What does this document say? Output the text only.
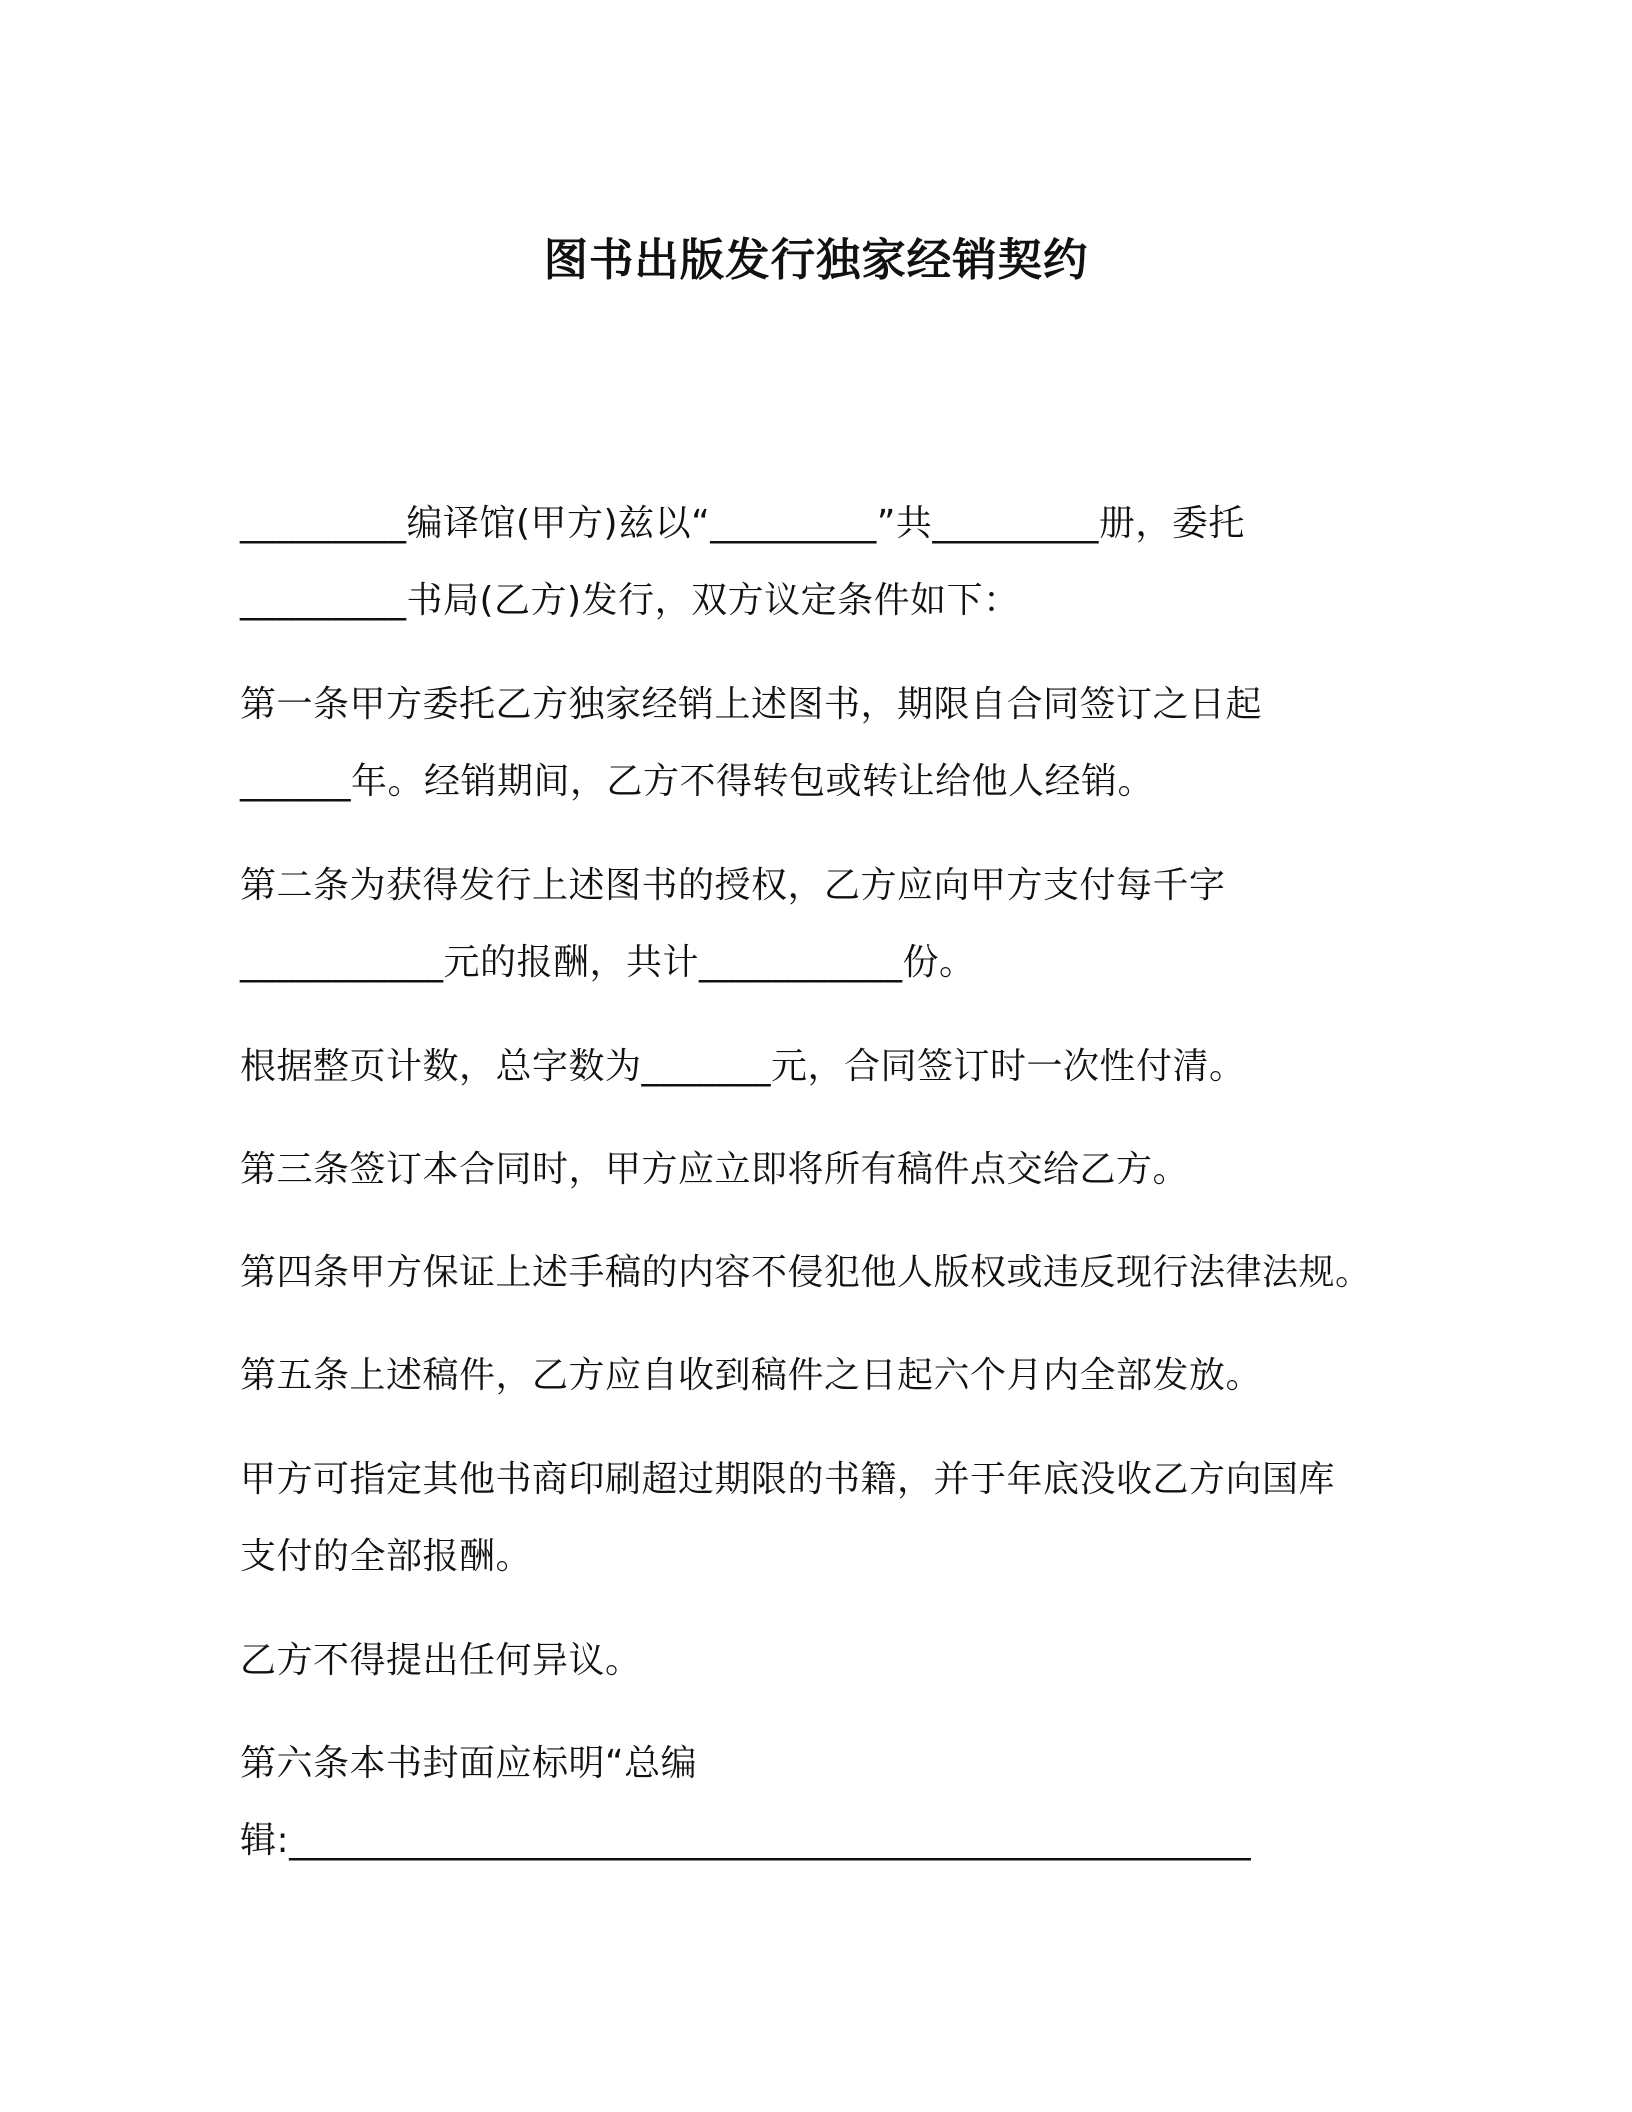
图书出版发行独家经销契约
_________编译馆(甲方)兹以“_________”共_________册，委托
_________书局(乙方)发行，双方议定条件如下：
第一条甲方委托乙方独家经销上述图书，期限自合同签订之日起
______年。经销期间，乙方不得转包或转让给他人经销。
第二条为获得发行上述图书的授权，乙方应向甲方支付每千字
___________元的报酬，共计___________份。
根据整页计数，总字数为_______元，合同签订时一次性付清。
第三条签订本合同时，甲方应立即将所有稿件点交给乙方。
第四条甲方保证上述手稿的内容不侵犯他人版权或违反现行法律法规。
第五条上述稿件，乙方应自收到稿件之日起六个月内全部发放。
甲方可指定其他书商印刷超过期限的书籍，并于年底没收乙方向国库
支付的全部报酬。
乙方不得提出任何异议。
第六条本书封面应标明“总编
辑:____________________________________________________
